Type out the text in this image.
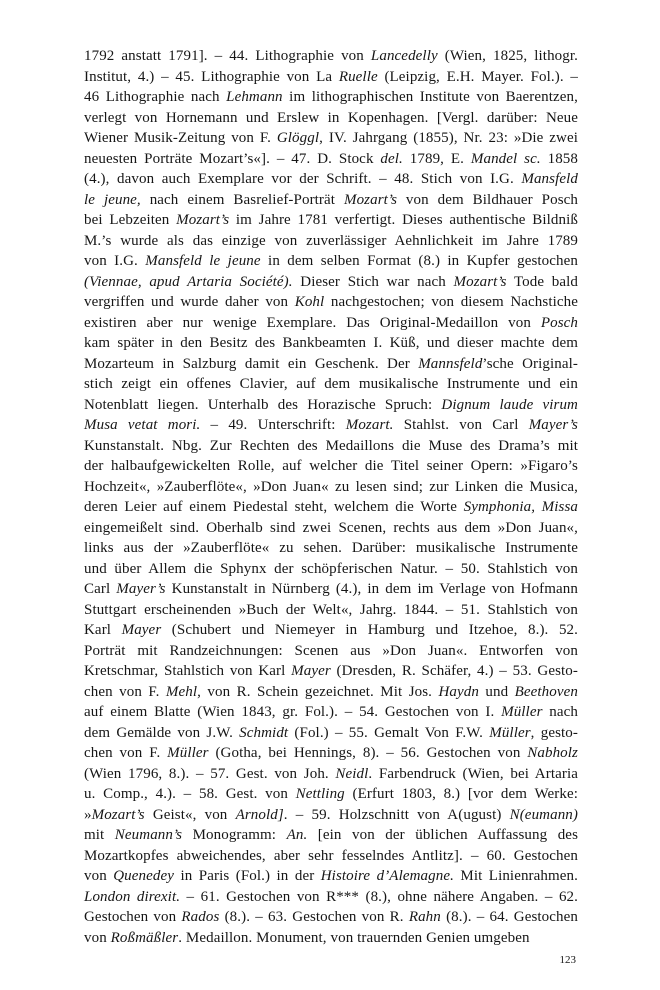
1792 anstatt 1791]. – 44. Lithographie von Lancedelly (Wien, 1825, lithogr.
Institut, 4.) – 45. Lithographie von La Ruelle (Leipzig, E.H. Mayer. Fol.). –
46 Lithographie nach Lehmann im lithographischen Institute von Baerentzen,
verlegt von Hornemann und Erslew in Kopenhagen. [Vergl. darüber: Neue
Wiener Musik-Zeitung von F. Glöggl, IV. Jahrgang (1855), Nr. 23: »Die zwei
neuesten Porträte Mozart’s«]. – 47. D. Stock del. 1789, E. Mandel sc. 1858
(4.), davon auch Exemplare vor der Schrift. – 48. Stich von I.G. Mansfeld
le jeune, nach einem Basrelief-Porträt Mozart’s von dem Bildhauer Posch
bei Lebzeiten Mozart’s im Jahre 1781 verfertigt. Dieses authentische Bildniß
M.’s wurde als das einzige von zuverlässiger Aehnlichkeit im Jahre 1789
von I.G. Mansfeld le jeune in dem selben Format (8.) in Kupfer gestochen
(Viennae, apud Artaria Société). Dieser Stich war nach Mozart’s Tode bald
vergriffen und wurde daher von Kohl nachgestochen; von diesem Nachstiche
existiren aber nur wenige Exemplare. Das Original-Medaillon von Posch
kam später in den Besitz des Bankbeamten I. Küß, und dieser machte dem
Mozarteum in Salzburg damit ein Geschenk. Der Mannsfeld’sche Original-
stich zeigt ein offenes Clavier, auf dem musikalische Instrumente und ein
Notenblatt liegen. Unterhalb des Horazische Spruch: Dignum laude virum
Musa vetat mori. – 49. Unterschrift: Mozart. Stahlst. von Carl Mayer’s
Kunstanstalt. Nbg. Zur Rechten des Medaillons die Muse des Drama’s mit
der halbaufgewickelten Rolle, auf welcher die Titel seiner Opern: »Figaro’s
Hochzeit«, »Zauberflöte«, »Don Juan« zu lesen sind; zur Linken die Musica,
deren Leier auf einem Piedestal steht, welchem die Worte Symphonia, Missa
eingemeißelt sind. Oberhalb sind zwei Scenen, rechts aus dem »Don Juan«,
links aus der »Zauberflöte« zu sehen. Darüber: musikalische Instrumente
und über Allem die Sphynx der schöpferischen Natur. – 50. Stahlstich von
Carl Mayer’s Kunstanstalt in Nürnberg (4.), in dem im Verlage von Hofmann
Stuttgart erscheinenden »Buch der Welt«, Jahrg. 1844. – 51. Stahlstich von
Karl Mayer (Schubert und Niemeyer in Hamburg und Itzehoe, 8.). 52.
Porträt mit Randzeichnungen: Scenen aus »Don Juan«. Entworfen von
Kretschmar, Stahlstich von Karl Mayer (Dresden, R. Schäfer, 4.) – 53. Gesto-
chen von F. Mehl, von R. Schein gezeichnet. Mit Jos. Haydn und Beethoven
auf einem Blatte (Wien 1843, gr. Fol.). – 54. Gestochen von I. Müller nach
dem Gemälde von J.W. Schmidt (Fol.) – 55. Gemalt Von F.W. Müller, gesto-
chen von F. Müller (Gotha, bei Hennings, 8). – 56. Gestochen von Nabholz
(Wien 1796, 8.). – 57. Gest. von Joh. Neidl. Farbendruck (Wien, bei Artaria
u. Comp., 4.). – 58. Gest. von Nettling (Erfurt 1803, 8.) [vor dem Werke:
»Mozart’s Geist«, von Arnold]. – 59. Holzschnitt von A(ugust) N(eumann)
mit Neumann’s Monogramm: An. [ein von der üblichen Auffassung des
Mozartkopfes abweichendes, aber sehr fesselndes Antlitz]. – 60. Gestochen
von Quenedey in Paris (Fol.) in der Histoire d’Alemagne. Mit Linienrahmen.
London direxit. – 61. Gestochen von R*** (8.), ohne nähere Angaben. – 62.
Gestochen von Rados (8.). – 63. Gestochen von R. Rahn (8.). – 64. Gestochen
von Roßmäßler. Medaillon. Monument, von trauernden Genien umgeben
123
